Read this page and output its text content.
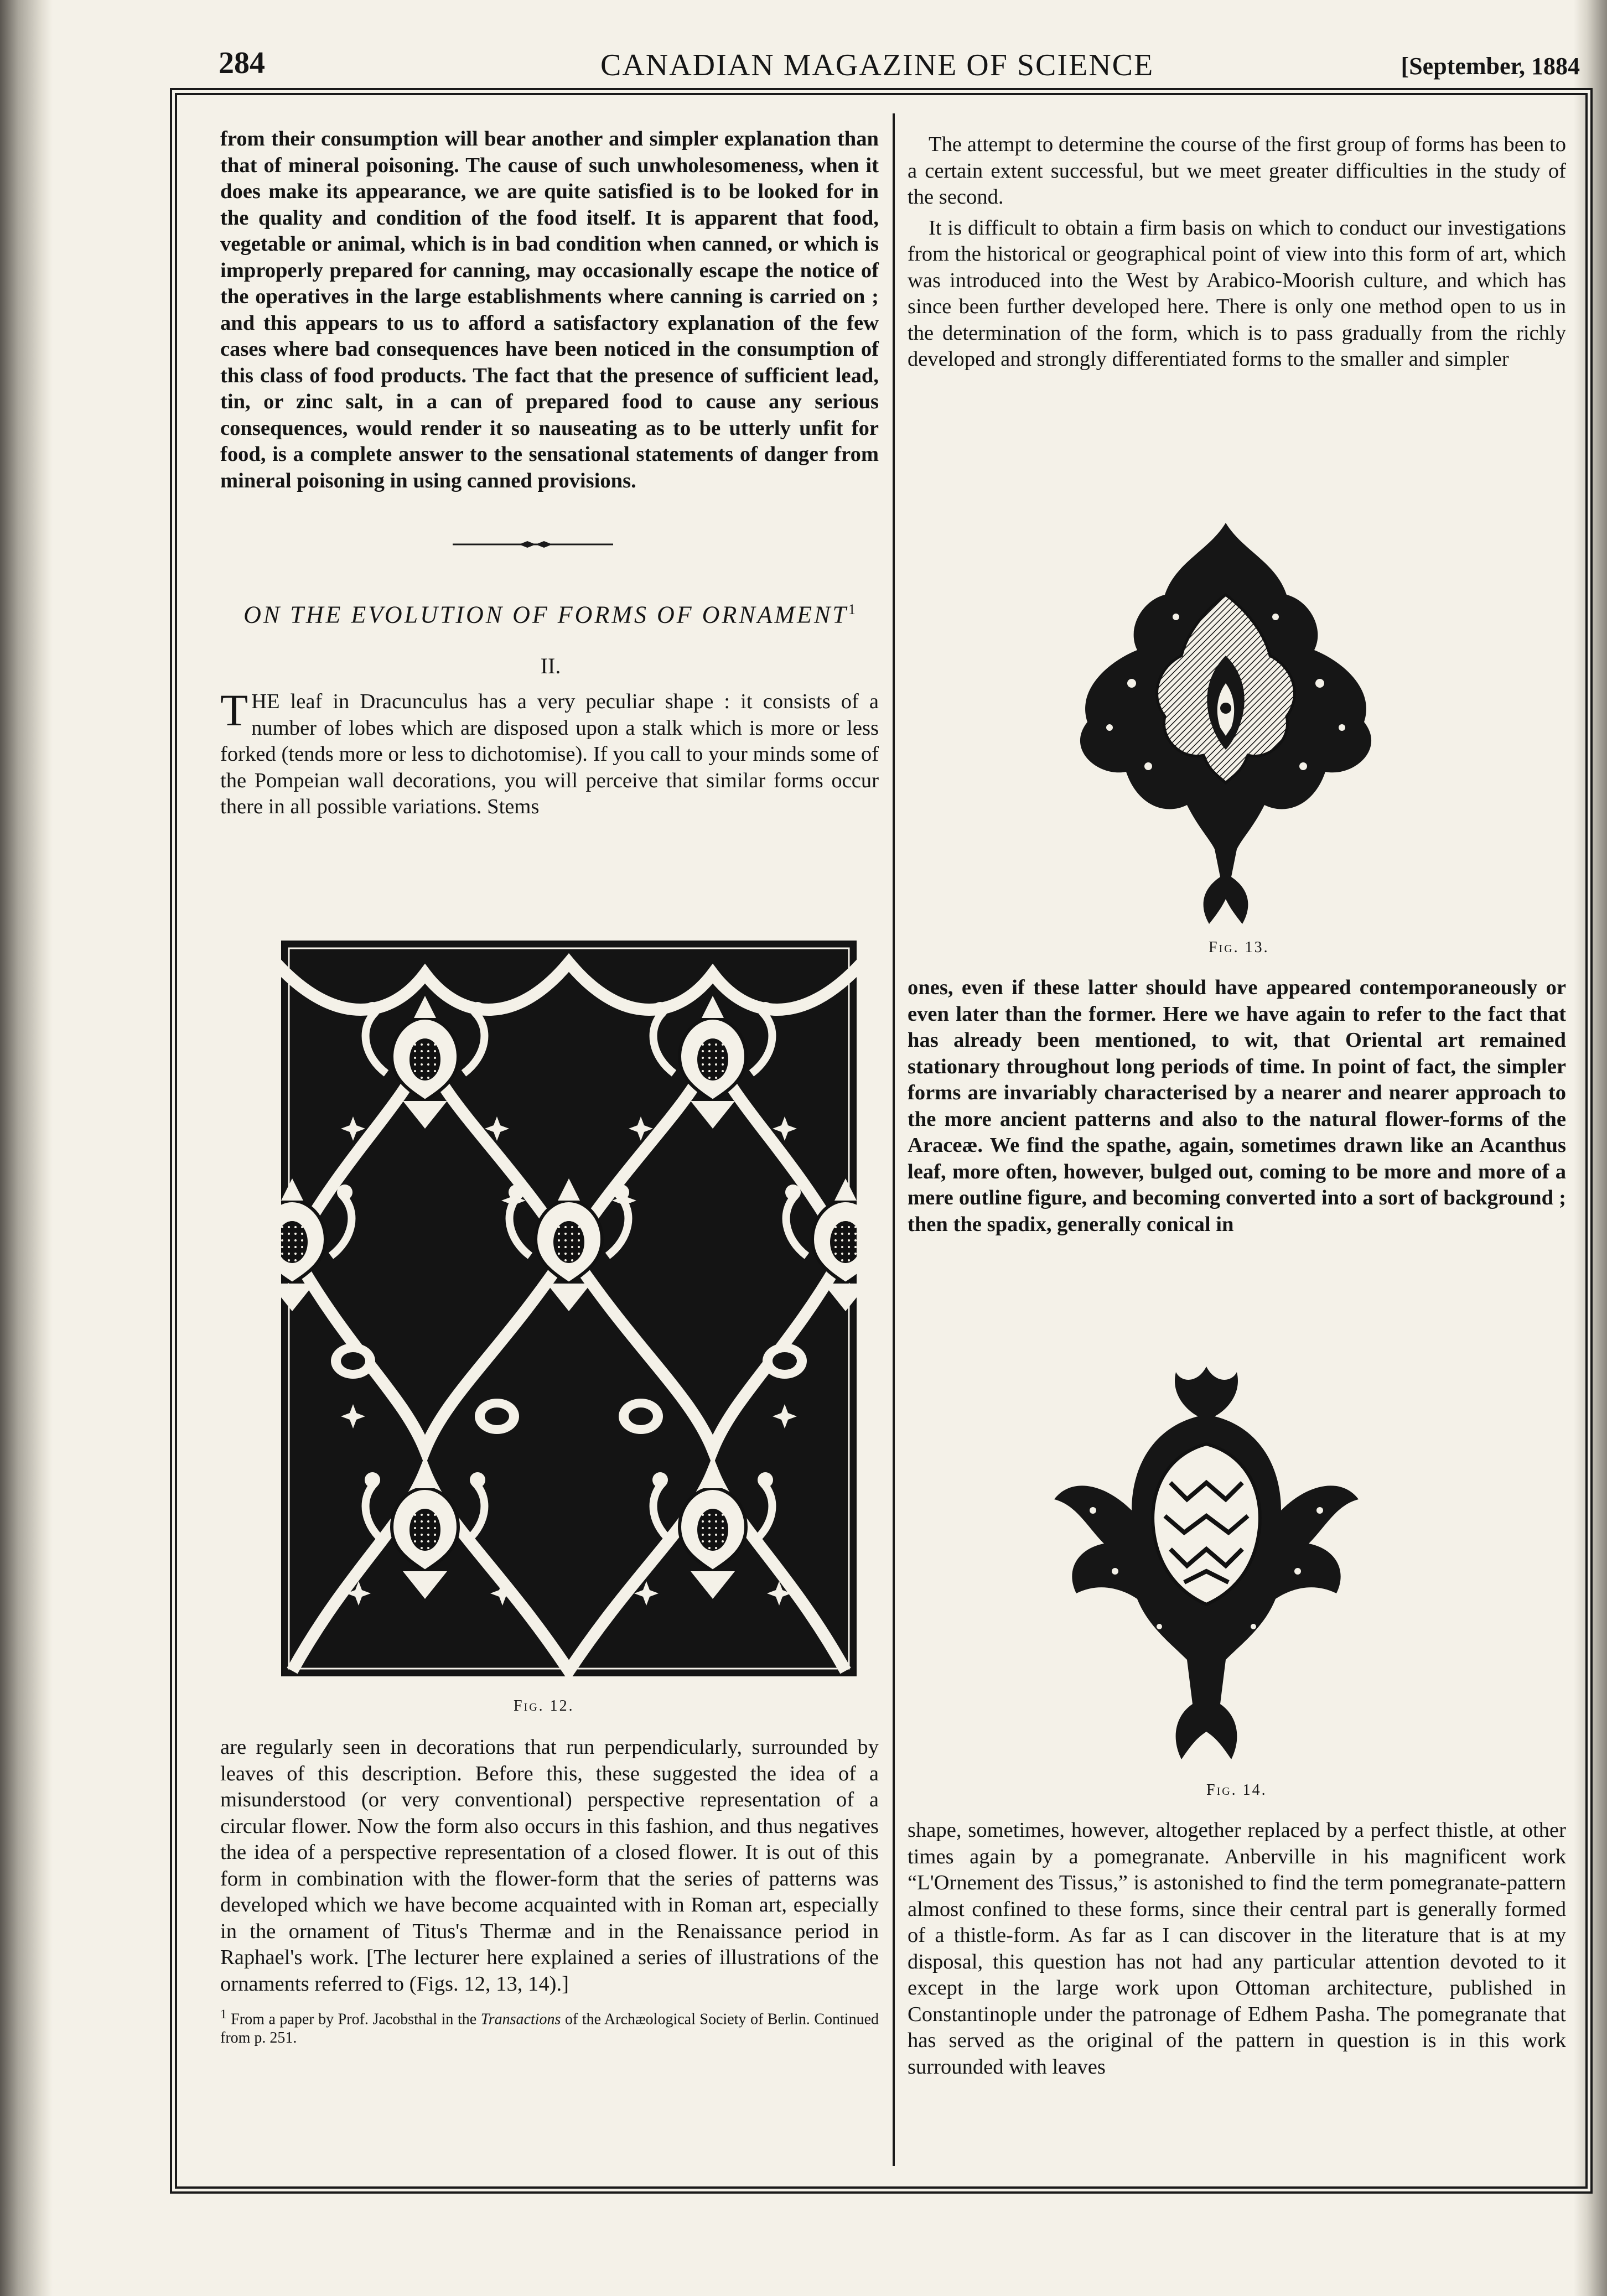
284	CANADIAN MAGAZINE OF SCIENCE	[September, 1884

from their consumption will bear another and simpler explanation than that of mineral poisoning. The cause of such unwholesomeness, when it does make its appearance, we are quite satisfied is to be looked for in the quality and condition of the food itself. It is apparent that food, vegetable or animal, which is in bad condition when canned, or which is improperly prepared for canning, may occasionally escape the notice of the operatives in the large establishments where canning is carried on ; and this appears to us to afford a satisfactory explanation of the few cases where bad consequences have been noticed in the consumption of this class of food products. The fact that the presence of sufficient lead, tin, or zinc salt, in a can of prepared food to cause any serious consequences, would render it so nauseating as to be utterly unfit for food, is a complete answer to the sensational statements of danger from mineral poisoning in using canned provisions.

ON THE EVOLUTION OF FORMS OF ORNAMENT$^1$
II.
T HE leaf in Dracunculus has a very peculiar shape : it consists of a number of lobes which are disposed upon a stalk which is more or less forked (tends more or less to dichotomise). If you call to your minds some of the Pompeian wall decorations, you will perceive that similar forms occur there in all possible variations. Stems

Fig. 12.

are regularly seen in decorations that run perpendicularly, surrounded by leaves of this description. Before this, these suggested the idea of a misunderstood (or very conventional) perspective representation of a circular flower. Now the form also occurs in this fashion, and thus negatives the idea of a perspective representation of a closed flower. It is out of this form in combination with the flower-form that the series of patterns was developed which we have become acquainted with in Roman art, especially in the ornament of Titus's Thermæ and in the Renaissance period in Raphael's work. [The lecturer here explained a series of illustrations of the ornaments referred to (Figs. 12, 13, 14).]

$^1$ From a paper by Prof. Jacobsthal in the Transactions of the Archæological Society of Berlin. Continued from p. 251.

The attempt to determine the course of the first group of forms has been to a certain extent successful, but we meet greater difficulties in the study of the second.

It is difficult to obtain a firm basis on which to conduct our investigations from the historical or geographical point of view into this form of art, which was introduced into the West by Arabico-Moorish culture, and which has since been further developed here. There is only one method open to us in the determination of the form, which is to pass gradually from the richly developed and strongly differentiated forms to the smaller and simpler

Fig. 13.

ones, even if these latter should have appeared contemporaneously or even later than the former. Here we have again to refer to the fact that has already been mentioned, to wit, that Oriental art remained stationary throughout long periods of time. In point of fact, the simpler forms are invariably characterised by a nearer and nearer approach to the more ancient patterns and also to the natural flower-forms of the Araceæ. We find the spathe, again, sometimes drawn like an Acanthus leaf, more often, however, bulged out, coming to be more and more of a mere outline figure, and becoming converted into a sort of background ; then the spadix, generally conical in

Fig. 14.

shape, sometimes, however, altogether replaced by a perfect thistle, at other times again by a pomegranate. Anberville in his magnificent work “L'Ornement des Tissus,” is astonished to find the term pomegranate-pattern almost confined to these forms, since their central part is generally formed of a thistle-form. As far as I can discover in the literature that is at my disposal, this question has not had any particular attention devoted to it except in the large work upon Ottoman architecture, published in Constantinople under the patronage of Edhem Pasha. The pomegranate that has served as the original of the pattern in question is in this work surrounded with leaves
